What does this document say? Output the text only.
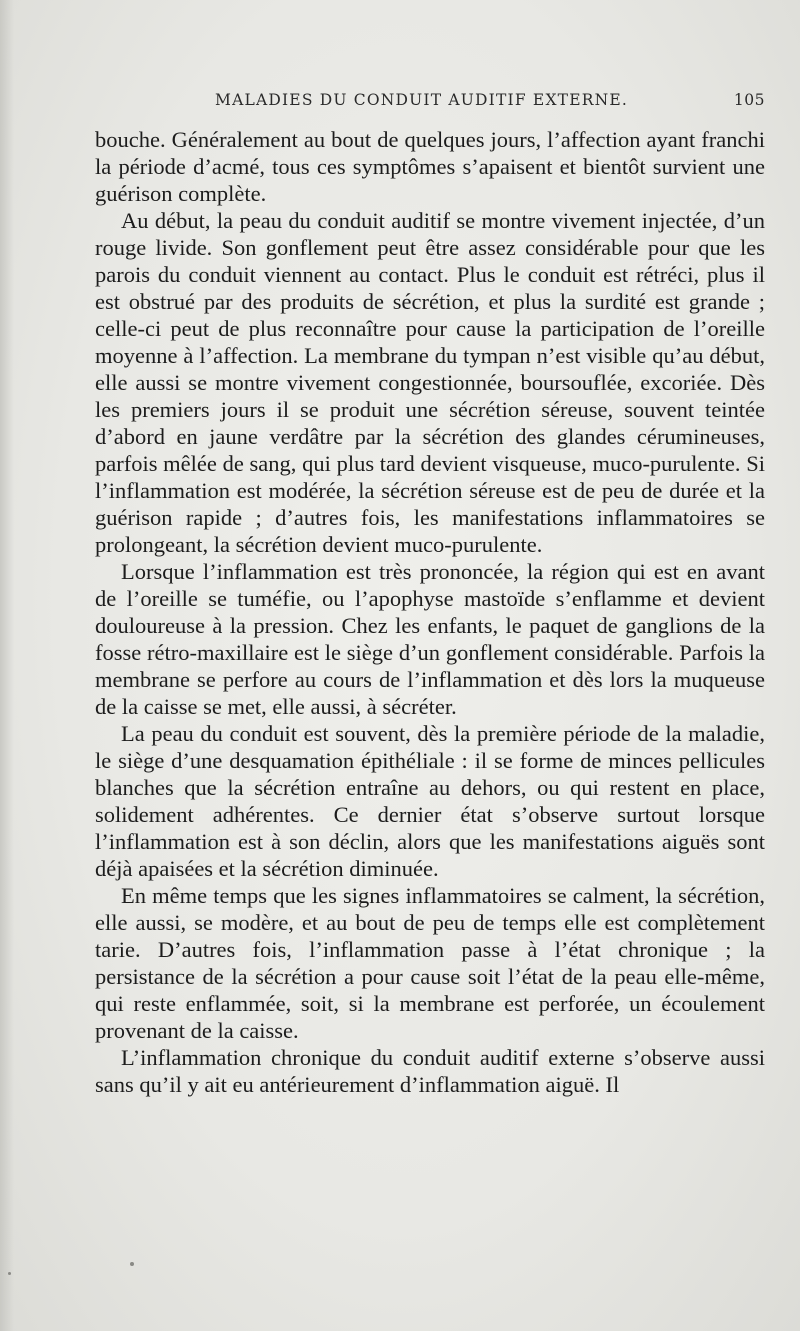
MALADIES DU CONDUIT AUDITIF EXTERNE.	105

bouche. Généralement au bout de quelques jours, l’affection ayant franchi la période d’acmé, tous ces symptômes s’apaisent et bientôt survient une guérison complète.

Au début, la peau du conduit auditif se montre vivement injectée, d’un rouge livide. Son gonflement peut être assez considérable pour que les parois du conduit viennent au contact. Plus le conduit est rétréci, plus il est obstrué par des produits de sécrétion, et plus la surdité est grande ; celle-ci peut de plus reconnaître pour cause la participation de l’oreille moyenne à l’affection. La membrane du tympan n’est visible qu’au début, elle aussi se montre vivement congestionnée, boursouflée, excoriée. Dès les premiers jours il se produit une sécrétion séreuse, souvent teintée d’abord en jaune verdâtre par la sécrétion des glandes cérumineuses, parfois mêlée de sang, qui plus tard devient visqueuse, muco-purulente. Si l’inflammation est modérée, la sécrétion séreuse est de peu de durée et la guérison rapide ; d’autres fois, les manifestations inflammatoires se prolongeant, la sécrétion devient muco-purulente.

Lorsque l’inflammation est très prononcée, la région qui est en avant de l’oreille se tuméfie, ou l’apophyse mastoïde s’enflamme et devient douloureuse à la pression. Chez les enfants, le paquet de ganglions de la fosse rétro-maxillaire est le siège d’un gonflement considérable. Parfois la membrane se perfore au cours de l’inflammation et dès lors la muqueuse de la caisse se met, elle aussi, à sécréter.

La peau du conduit est souvent, dès la première période de la maladie, le siège d’une desquamation épithéliale : il se forme de minces pellicules blanches que la sécrétion entraîne au dehors, ou qui restent en place, solidement adhérentes. Ce dernier état s’observe surtout lorsque l’inflammation est à son déclin, alors que les manifestations aiguës sont déjà apaisées et la sécrétion diminuée.

En même temps que les signes inflammatoires se calment, la sécrétion, elle aussi, se modère, et au bout de peu de temps elle est complètement tarie. D’autres fois, l’inflammation passe à l’état chronique ; la persistance de la sécrétion a pour cause soit l’état de la peau elle-même, qui reste enflammée, soit, si la membrane est perforée, un écoulement provenant de la caisse.

L’inflammation chronique du conduit auditif externe s’observe aussi sans qu’il y ait eu antérieurement d’inflammation aiguë. Il
